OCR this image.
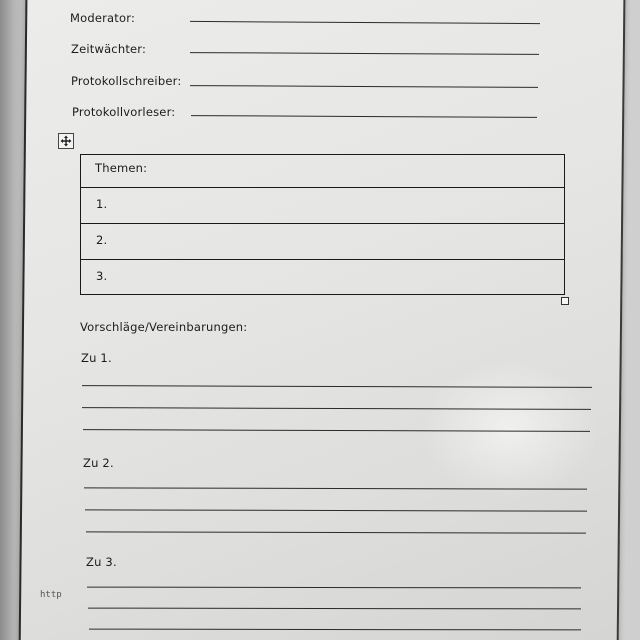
Moderator:
Zeitwächter:
Protokollschreiber:
Protokollvorleser:
Themen:
1.
2.
3.
Vorschläge/Vereinbarungen:
Zu 1.
Zu 2.
Zu 3.
http
